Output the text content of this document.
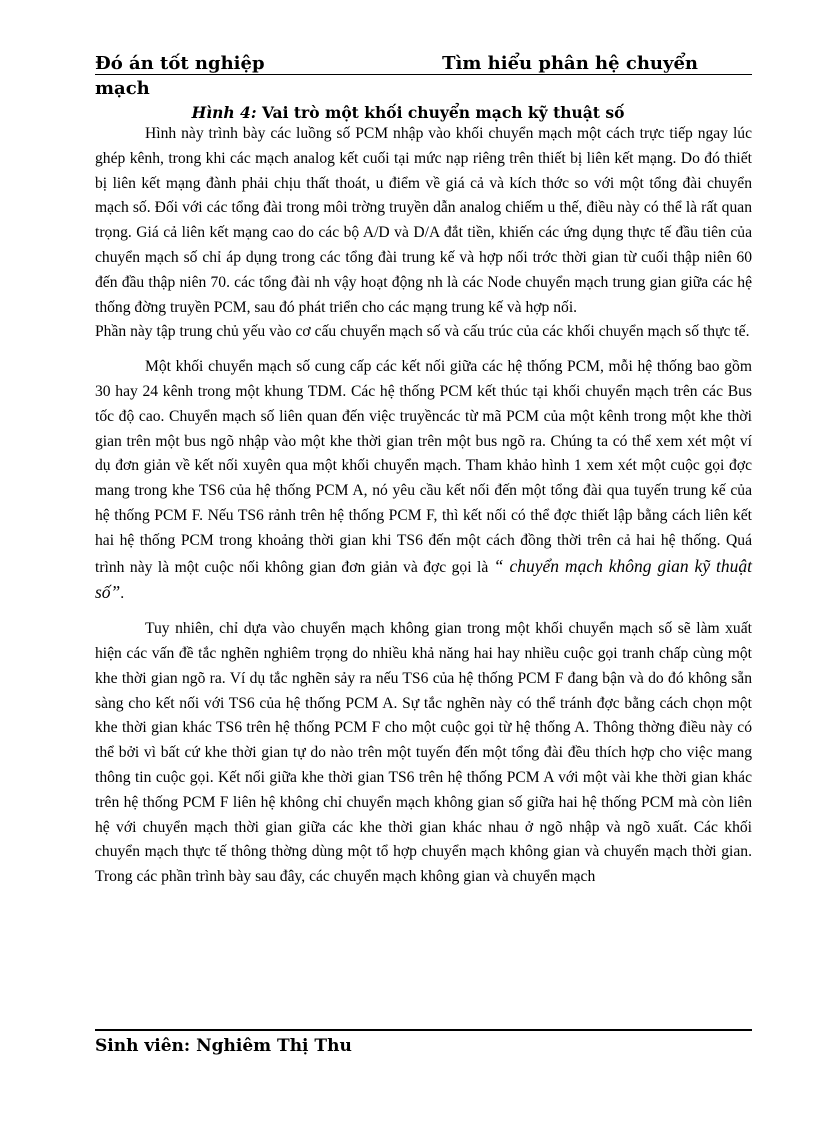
Đó án tốt nghiệp	Tìm hiểu phân hệ chuyển
mạch
Hình 4: Vai trò một khối chuyển mạch kỹ thuật số

Hình này trình bày các luồng số PCM nhập vào khối chuyển mạch một cách trực tiếp ngay lúc ghép kênh, trong khi các mạch analog kết cuối tại mức nạp riêng trên thiết bị liên kết mạng. Do đó thiết bị liên kết mạng đành phải chịu thất thoát, u điểm về giá cả và kích thớc so với một tổng đài chuyển mạch số. Đối với các tổng đài trong môi trờng truyền dẫn analog chiếm u thế, điều này có thể là rất quan trọng. Giá cả liên kết mạng cao do các bộ A/D và D/A đắt tiền, khiến các ứng dụng thực tế đầu tiên của chuyển mạch số chỉ áp dụng trong các tổng đài trung kế và hợp nối trớc thời gian từ cuối thập niên 60 đến đầu thập niên 70. các tổng đài nh vậy hoạt động nh là các Node chuyển mạch trung gian giữa các hệ thống đờng truyền PCM, sau đó phát triển cho các mạng trung kế và hợp nối.

Phần này tập trung chủ yếu vào cơ cấu chuyển mạch số và cấu trúc của các khối chuyển mạch số thực tế.

Một khối chuyển mạch số cung cấp các kết nối giữa các hệ thống PCM, mỗi hệ thống bao gồm 30 hay 24 kênh trong một khung TDM. Các hệ thống PCM kết thúc tại khối chuyển mạch trên các Bus tốc độ cao. Chuyển mạch số liên quan đến việc truyềncác từ mã PCM của một kênh trong một khe thời gian trên một bus ngõ nhập vào một khe thời gian trên một bus ngõ ra. Chúng ta có thể xem xét một ví dụ đơn giản về kết nối xuyên qua một khối chuyển mạch. Tham khảo hình 1 xem xét một cuộc gọi đợc mang trong khe TS6 của hệ thống PCM A, nó yêu cầu kết nối đến một tổng đài qua tuyến trung kế của hệ thống PCM F. Nếu TS6 rảnh trên hệ thống PCM F, thì kết nối có thể đợc thiết lập bằng cách liên kết hai hệ thống PCM trong khoảng thời gian khi TS6 đến một cách đồng thời trên cả hai hệ thống. Quá trình này là một cuộc nối không gian đơn giản và đợc gọi là “ chuyển mạch không gian kỹ thuật số”.

Tuy nhiên, chỉ dựa vào chuyển mạch không gian trong một khối chuyển mạch số sẽ làm xuất hiện các vấn đề tắc nghẽn nghiêm trọng do nhiều khả năng hai hay nhiều cuộc gọi tranh chấp cùng một khe thời gian ngõ ra. Ví dụ tắc nghẽn sảy ra nếu TS6 của hệ thống PCM F đang bận và do đó không sẵn sàng cho kết nối với TS6 của hệ thống PCM A. Sự tắc nghẽn này có thể tránh đợc bằng cách chọn một khe thời gian khác TS6 trên hệ thống PCM F cho một cuộc gọi từ hệ thống A. Thông thờng điều này có thể bởi vì bất cứ khe thời gian tự do nào trên một tuyến đến một tổng đài đều thích hợp cho việc mang thông tin cuộc gọi. Kết nối giữa khe thời gian TS6 trên hệ thống PCM A với một vài khe thời gian khác trên hệ thống PCM F liên hệ không chỉ chuyển mạch không gian số giữa hai hệ thống PCM mà còn liên hệ với chuyển mạch thời gian giữa các khe thời gian khác nhau ở ngõ nhập và ngõ xuất. Các khối chuyển mạch thực tế thông thờng dùng một tổ hợp chuyển mạch không gian và chuyển mạch thời gian. Trong các phần trình bày sau đây, các chuyển mạch không gian và chuyển mạch

Sinh viên: Nghiêm Thị Thu
